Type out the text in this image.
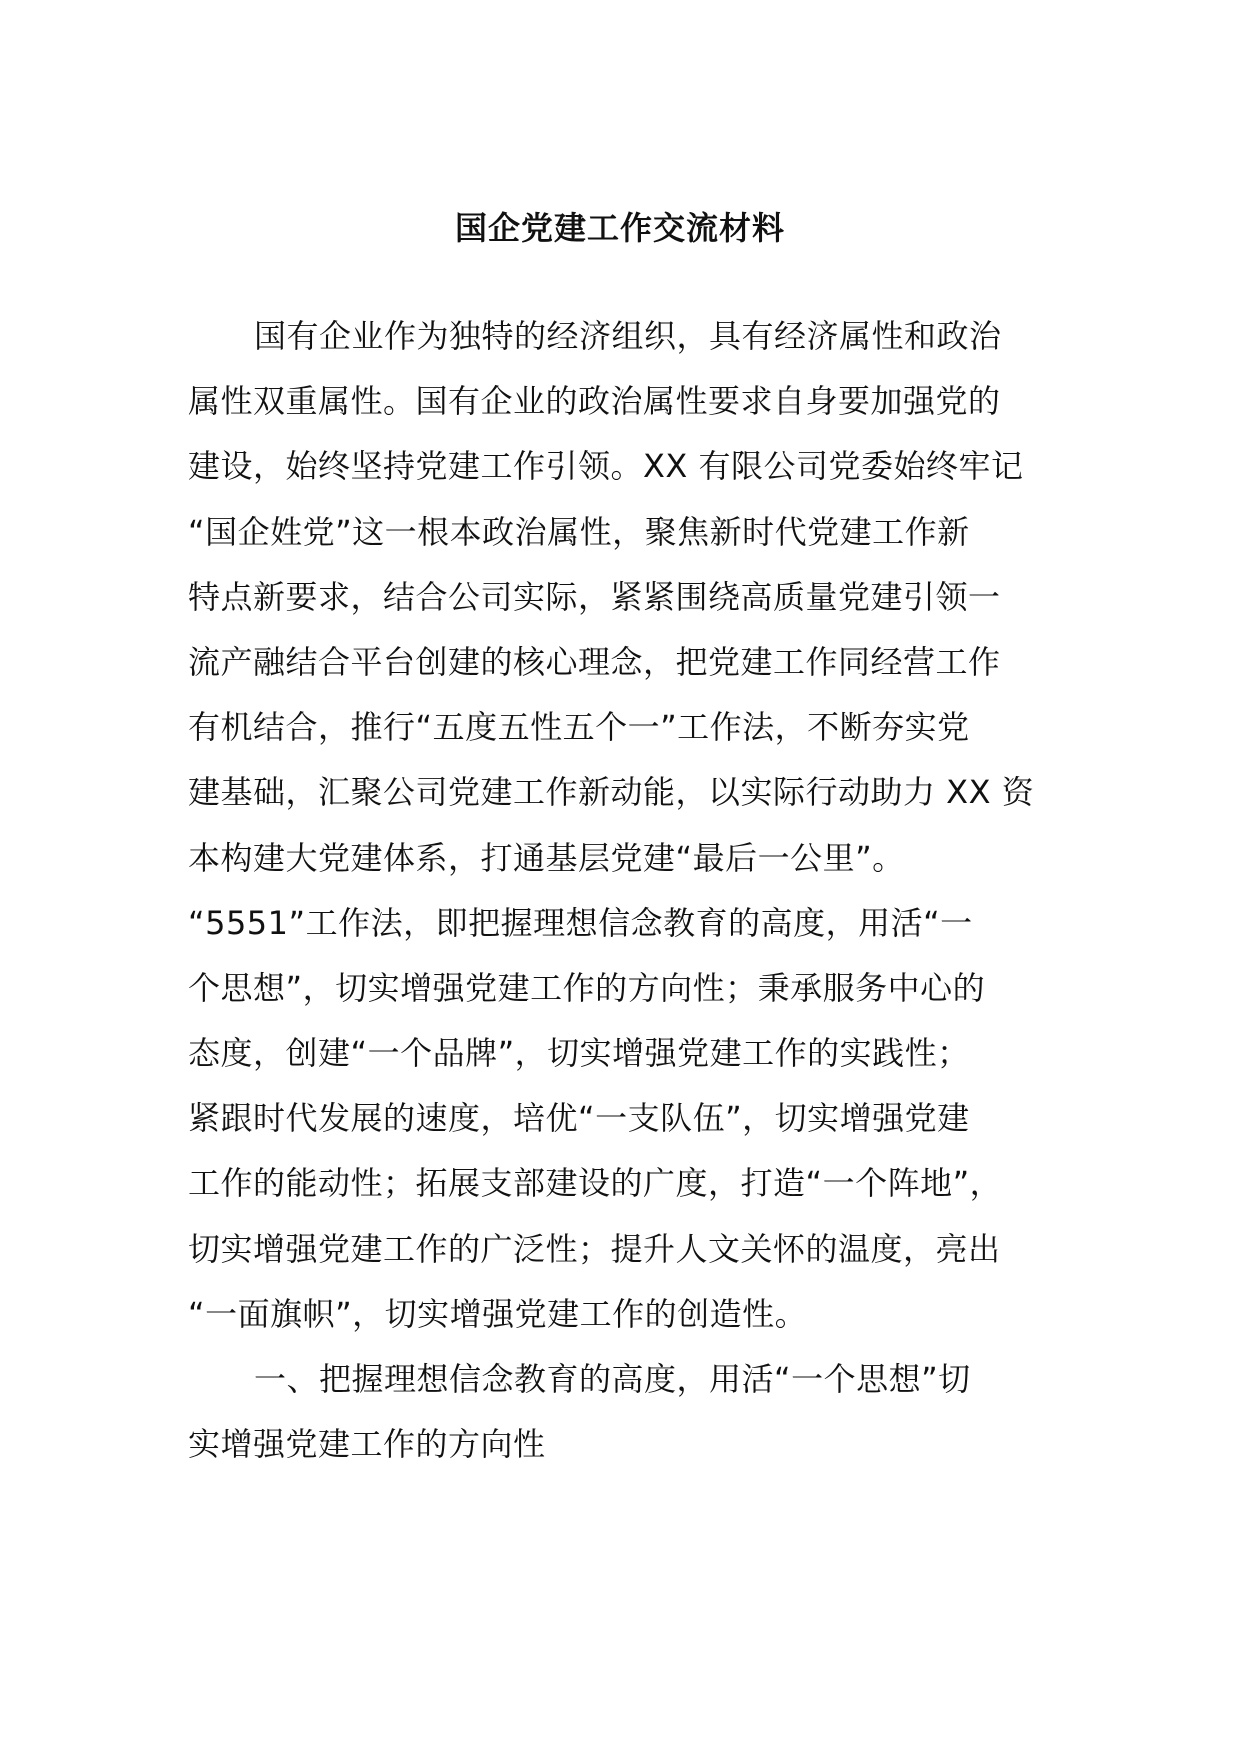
国企党建工作交流材料
国有企业作为独特的经济组织，具有经济属性和政治
属性双重属性。国有企业的政治属性要求自身要加强党的
建设，始终坚持党建工作引领。XX 有限公司党委始终牢记
“国企姓党”这一根本政治属性，聚焦新时代党建工作新
特点新要求，结合公司实际，紧紧围绕高质量党建引领一
流产融结合平台创建的核心理念，把党建工作同经营工作
有机结合，推行“五度五性五个一”工作法，不断夯实党
建基础，汇聚公司党建工作新动能，以实际行动助力 XX 资
本构建大党建体系，打通基层党建“最后一公里”。
“5551”工作法，即把握理想信念教育的高度，用活“一
个思想”，切实增强党建工作的方向性；秉承服务中心的
态度，创建“一个品牌”，切实增强党建工作的实践性；
紧跟时代发展的速度，培优“一支队伍”，切实增强党建
工作的能动性；拓展支部建设的广度，打造“一个阵地”，
切实增强党建工作的广泛性；提升人文关怀的温度，亮出
“一面旗帜”，切实增强党建工作的创造性。
一、把握理想信念教育的高度，用活“一个思想”切
实增强党建工作的方向性
